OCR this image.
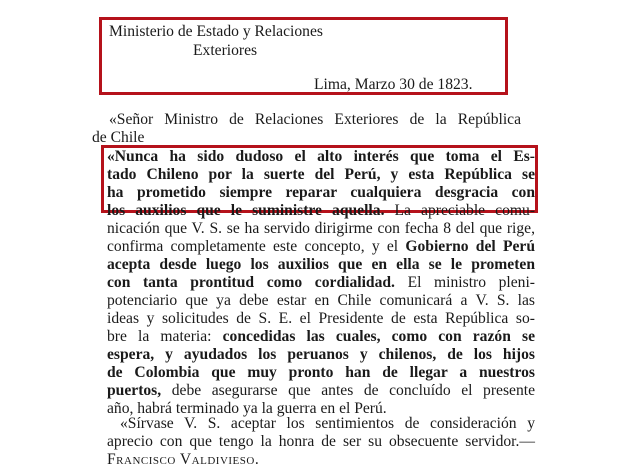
Ministerio de Estado y Relaciones
Exteriores
Lima, Marzo 30 de 1823.
«Señor Ministro de Relaciones Exteriores de la República
de Chile
«Nunca ha sido dudoso el alto interés que toma el Es-
tado Chileno por la suerte del Perú, y esta República se
ha prometido siempre reparar cualquiera desgracia con
los auxilios que le suministre aquella. La apreciable comu-
nicación que V. S. se ha servido dirigirme con fecha 8 del que rige,
confirma completamente este concepto, y el Gobierno del Perú
acepta desde luego los auxilios que en ella se le prometen
con tanta prontitud como cordialidad. El ministro pleni-
potenciario que ya debe estar en Chile comunicará a V. S. las
ideas y solicitudes de S. E. el Presidente de esta República so-
bre la materia: concedidas las cuales, como con razón se
espera, y ayudados los peruanos y chilenos, de los hijos
de Colombia que muy pronto han de llegar a nuestros
puertos, debe asegurarse que antes de concluído el presente
año, habrá terminado ya la guerra en el Perú.
«Sírvase V. S. aceptar los sentimientos de consideración y
aprecio con que tengo la honra de ser su obsecuente servidor.—
Francisco Valdivieso.
